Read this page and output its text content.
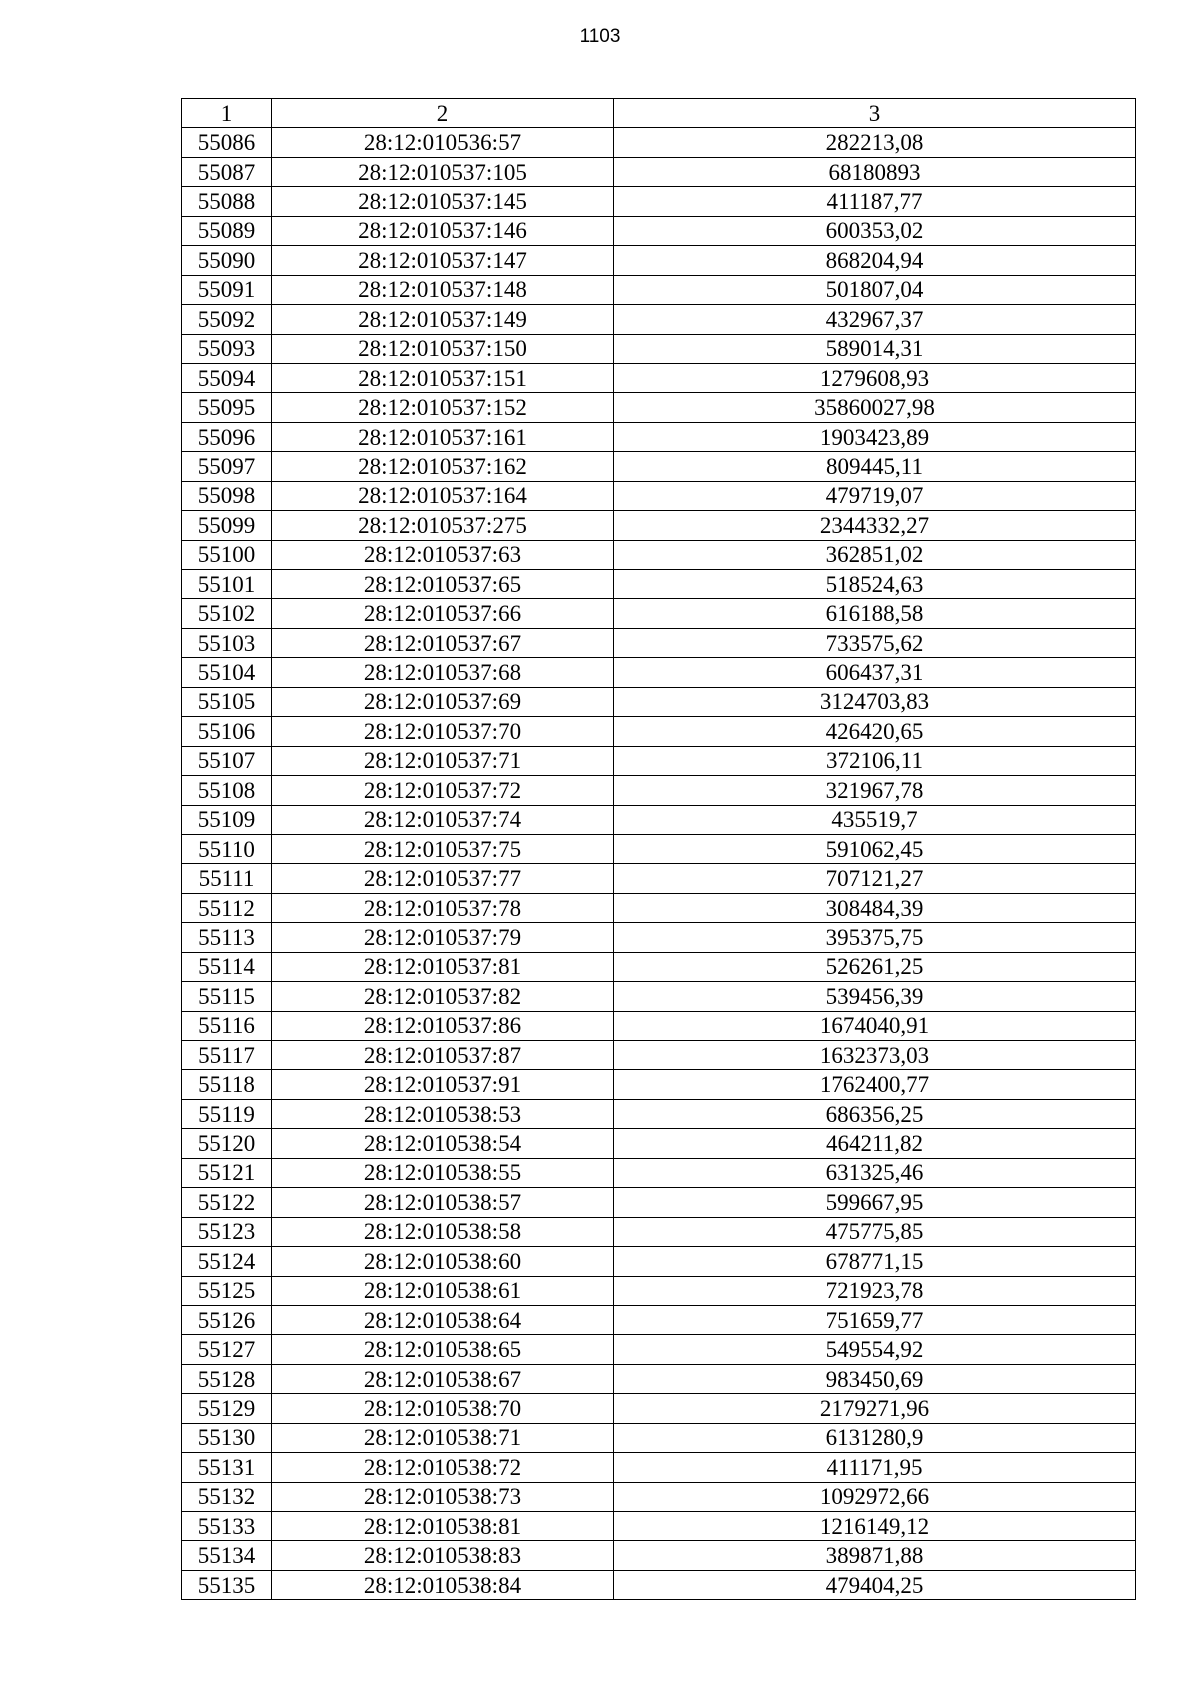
1103
1	2	3
55086	28:12:010536:57	282213,08
55087	28:12:010537:105	68180893
55088	28:12:010537:145	411187,77
55089	28:12:010537:146	600353,02
55090	28:12:010537:147	868204,94
55091	28:12:010537:148	501807,04
55092	28:12:010537:149	432967,37
55093	28:12:010537:150	589014,31
55094	28:12:010537:151	1279608,93
55095	28:12:010537:152	35860027,98
55096	28:12:010537:161	1903423,89
55097	28:12:010537:162	809445,11
55098	28:12:010537:164	479719,07
55099	28:12:010537:275	2344332,27
55100	28:12:010537:63	362851,02
55101	28:12:010537:65	518524,63
55102	28:12:010537:66	616188,58
55103	28:12:010537:67	733575,62
55104	28:12:010537:68	606437,31
55105	28:12:010537:69	3124703,83
55106	28:12:010537:70	426420,65
55107	28:12:010537:71	372106,11
55108	28:12:010537:72	321967,78
55109	28:12:010537:74	435519,7
55110	28:12:010537:75	591062,45
55111	28:12:010537:77	707121,27
55112	28:12:010537:78	308484,39
55113	28:12:010537:79	395375,75
55114	28:12:010537:81	526261,25
55115	28:12:010537:82	539456,39
55116	28:12:010537:86	1674040,91
55117	28:12:010537:87	1632373,03
55118	28:12:010537:91	1762400,77
55119	28:12:010538:53	686356,25
55120	28:12:010538:54	464211,82
55121	28:12:010538:55	631325,46
55122	28:12:010538:57	599667,95
55123	28:12:010538:58	475775,85
55124	28:12:010538:60	678771,15
55125	28:12:010538:61	721923,78
55126	28:12:010538:64	751659,77
55127	28:12:010538:65	549554,92
55128	28:12:010538:67	983450,69
55129	28:12:010538:70	2179271,96
55130	28:12:010538:71	6131280,9
55131	28:12:010538:72	411171,95
55132	28:12:010538:73	1092972,66
55133	28:12:010538:81	1216149,12
55134	28:12:010538:83	389871,88
55135	28:12:010538:84	479404,25
